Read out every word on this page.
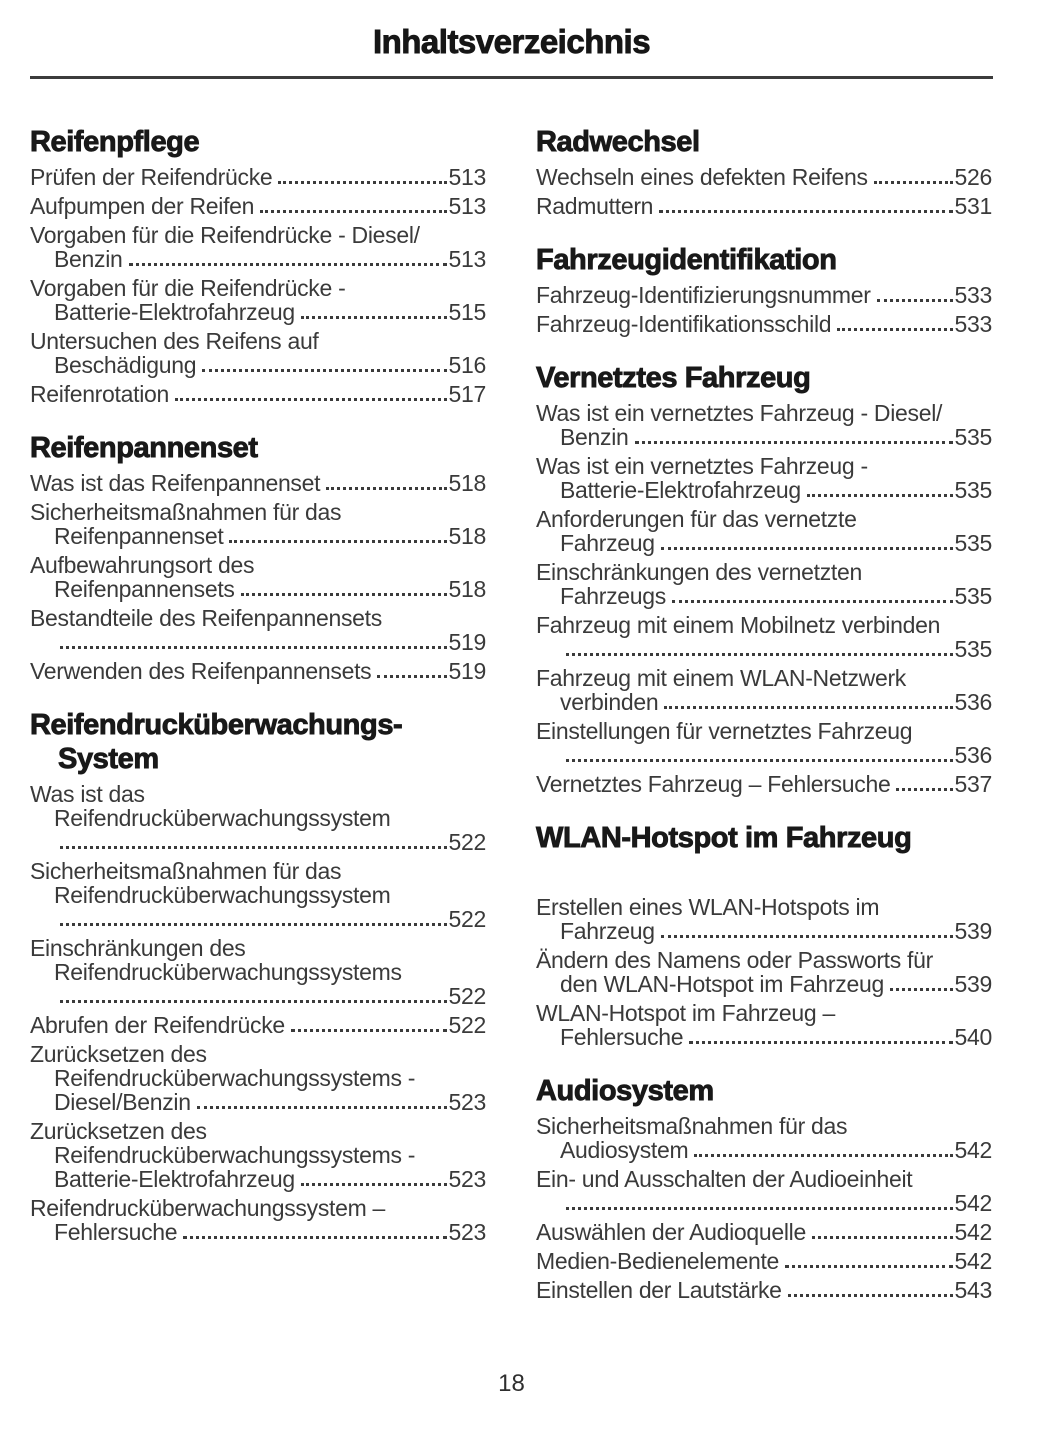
Inhaltsverzeichnis
Reifenpflege
Prüfen der Reifendrücke	513
Aufpumpen der Reifen	513
Vorgaben für die Reifendrücke - Diesel/
Benzin	513
Vorgaben für die Reifendrücke -
Batterie-Elektrofahrzeug	515
Untersuchen des Reifens auf
Beschädigung	516
Reifenrotation	517
Reifenpannenset
Was ist das Reifenpannenset	518
Sicherheitsmaßnahmen für das
Reifenpannenset	518
Aufbewahrungsort des
Reifenpannensets	518
Bestandteile des Reifenpannensets
519
Verwenden des Reifenpannensets	519
Reifendrucküberwachungs-
System
Was ist das
Reifendrucküberwachungssystem
522
Sicherheitsmaßnahmen für das
Reifendrucküberwachungssystem
522
Einschränkungen des
Reifendrucküberwachungssystems
522
Abrufen der Reifendrücke	522
Zurücksetzen des
Reifendrucküberwachungssystems -
Diesel/Benzin	523
Zurücksetzen des
Reifendrucküberwachungssystems -
Batterie-Elektrofahrzeug	523
Reifendrucküberwachungssystem –
Fehlersuche	523
Radwechsel
Wechseln eines defekten Reifens	526
Radmuttern	531
Fahrzeugidentifikation
Fahrzeug-Identifizierungsnummer	533
Fahrzeug-Identifikationsschild	533
Vernetztes Fahrzeug
Was ist ein vernetztes Fahrzeug - Diesel/
Benzin	535
Was ist ein vernetztes Fahrzeug -
Batterie-Elektrofahrzeug	535
Anforderungen für das vernetzte
Fahrzeug	535
Einschränkungen des vernetzten
Fahrzeugs	535
Fahrzeug mit einem Mobilnetz verbinden
535
Fahrzeug mit einem WLAN-Netzwerk
verbinden	536
Einstellungen für vernetztes Fahrzeug
536
Vernetztes Fahrzeug – Fehlersuche	537
WLAN-Hotspot im Fahrzeug
Erstellen eines WLAN-Hotspots im
Fahrzeug	539
Ändern des Namens oder Passworts für
den WLAN-Hotspot im Fahrzeug	539
WLAN-Hotspot im Fahrzeug –
Fehlersuche	540
Audiosystem
Sicherheitsmaßnahmen für das
Audiosystem	542
Ein- und Ausschalten der Audioeinheit
542
Auswählen der Audioquelle	542
Medien-Bedienelemente	542
Einstellen der Lautstärke	543
18
